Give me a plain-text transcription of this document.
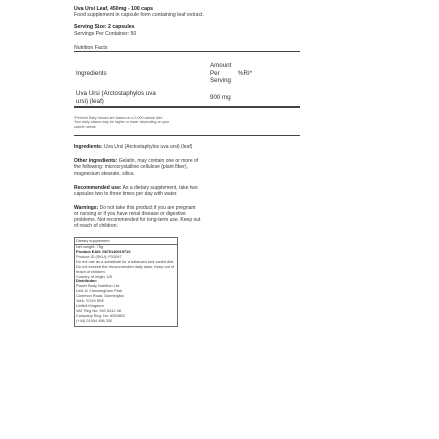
Uva Ursi Leaf, 450mg - 100 caps
Food supplement in capsule form containing leaf extract.
Serving Size: 2 capsules
Servings Per Container: 50
Nutrition Facts
Amount
Ingredients	Per	%RI*
Serving
Uva Ursi (Arctostaphylos uva
ursi) (leaf)
900 mg
*Percent Daily Values are based on a 2,000 calorie diet.
Your daily values may be higher or lower depending on your
calorie needs.

Ingredients: Uva Ursi (Arctostaphylos uva ursi) (leaf)

Other ingredients: Gelatin, may contain one or more of

the following: microcrystalline cellulose (plant fiber),

magnesium stearate, silica.

Recommended use: As a dietary supplement, take two

capsules two to three times per day with water.

Warnings: Do not take this product if you are pregnant

or nursing or if you have renal disease or digestive

problems. Not recommended for long-term use. Keep out

of reach of children.

Dietary supplement
Net weight: 75g
Product EAN: 0870140019710
Product ID (SKU): P31097
Do not use as a substitute for a balanced and varied diet.
Do not exceed the recommended daily dose. Keep out of
reach of children.
Country of origin: US
Distributor:
Power Body Nutrition Ltd.
Unit 11 Chessingham Park
Common Road, Dunnington
York, YO19 5SE
United Kingdom
VAT Reg No: 940 5412 46
Company Reg. No: 6509822
(+44) 01904 488 330
